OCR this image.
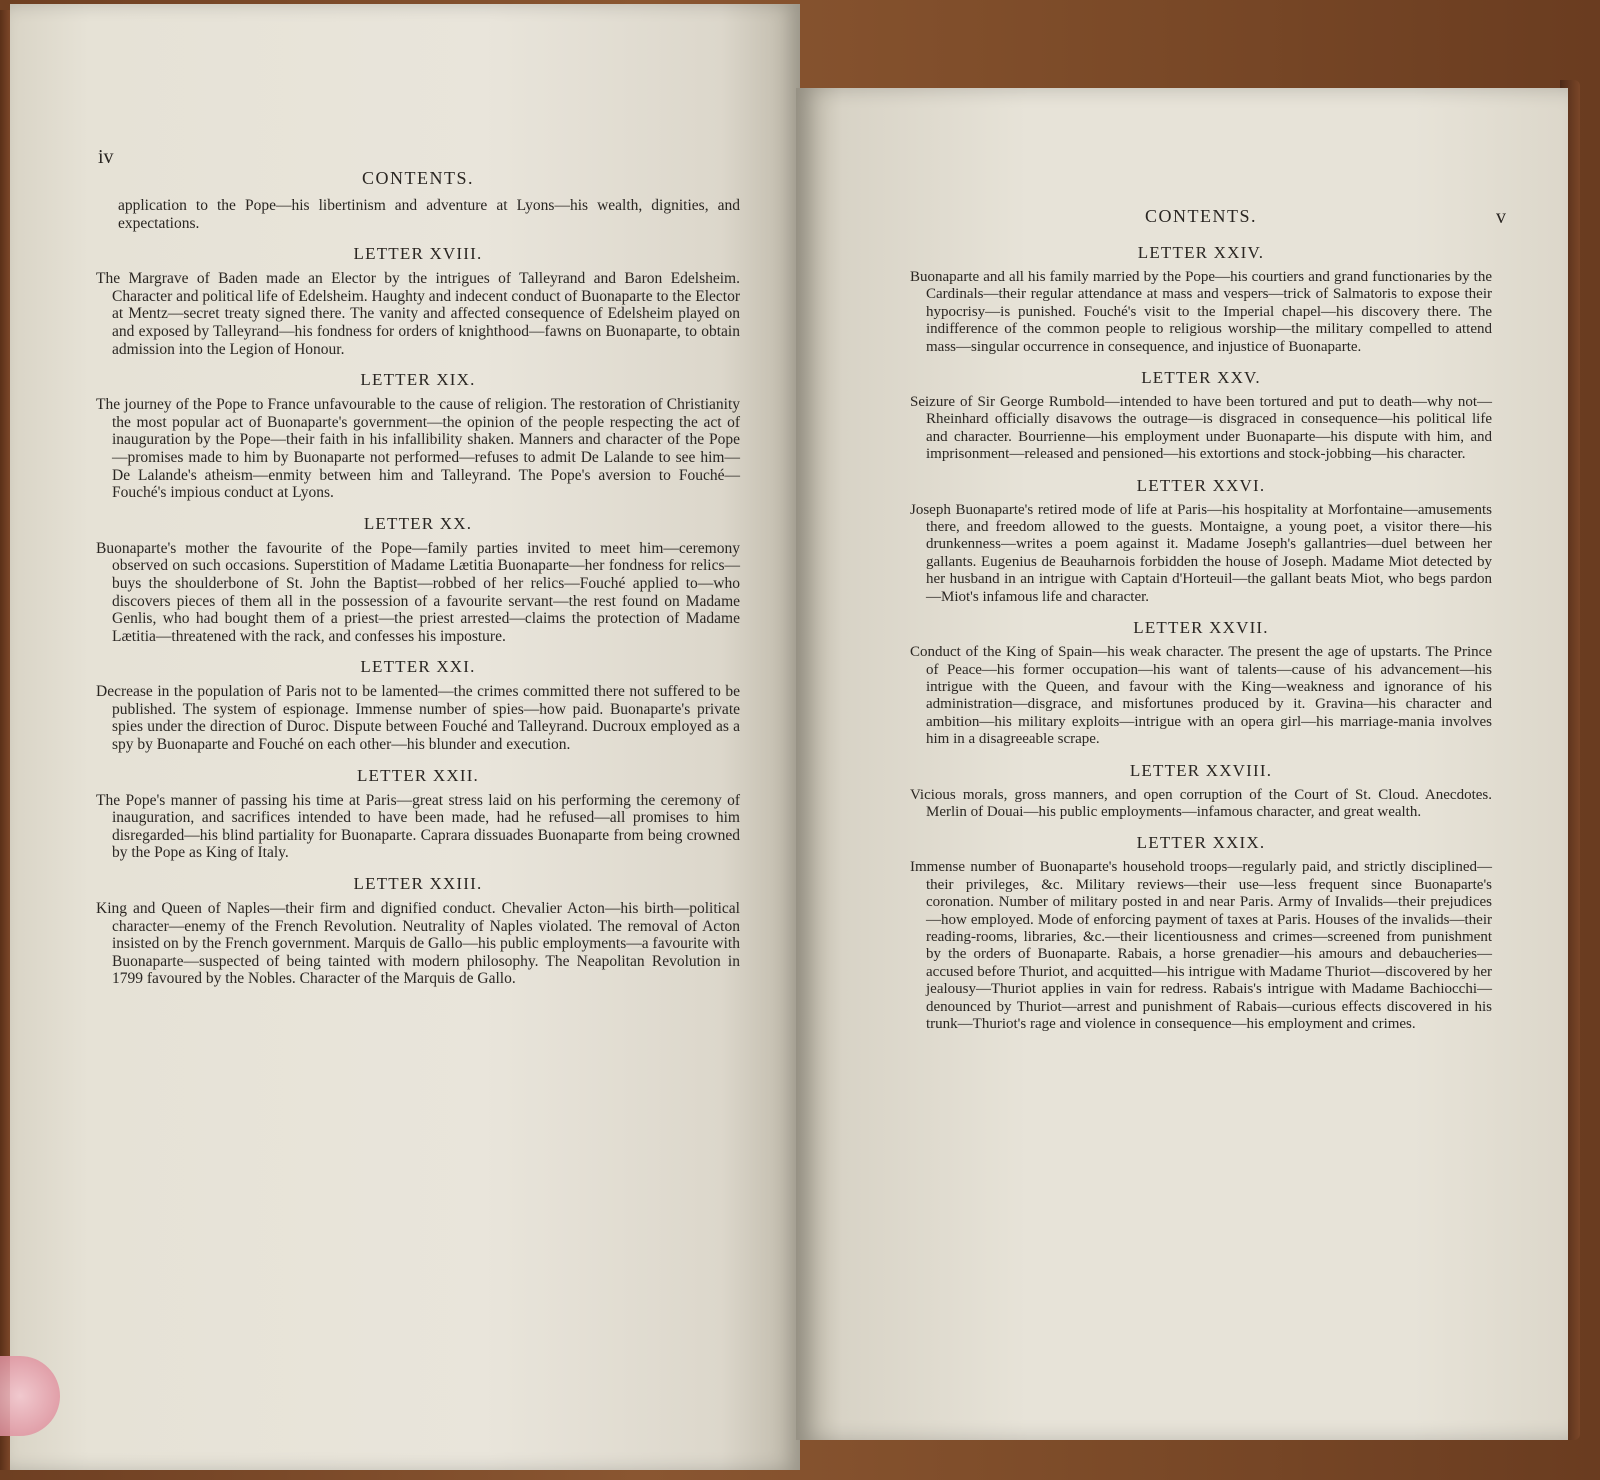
iv
CONTENTS.

application to the Pope—his libertinism and adventure at Lyons—his wealth, dignities, and expectations.

LETTER XVIII.

The Margrave of Baden made an Elector by the intrigues of Talleyrand and Baron Edelsheim. Character and political life of Edelsheim. Haughty and indecent conduct of Buonaparte to the Elector at Mentz—secret treaty signed there. The vanity and affected consequence of Edelsheim played on and exposed by Talleyrand—his fondness for orders of knighthood—fawns on Buonaparte, to obtain admission into the Legion of Honour.

LETTER XIX.

The journey of the Pope to France unfavourable to the cause of religion. The restoration of Christianity the most popular act of Buonaparte's government—the opinion of the people respecting the act of inauguration by the Pope—their faith in his infallibility shaken. Manners and character of the Pope—promises made to him by Buonaparte not performed—refuses to admit De Lalande to see him—De Lalande's atheism—enmity between him and Talleyrand. The Pope's aversion to Fouché—Fouché's impious conduct at Lyons.

LETTER XX.

Buonaparte's mother the favourite of the Pope—family parties invited to meet him—ceremony observed on such occasions. Superstition of Madame Lætitia Buonaparte—her fondness for relics—buys the shoulderbone of St. John the Baptist—robbed of her relics—Fouché applied to—who discovers pieces of them all in the possession of a favourite servant—the rest found on Madame Genlis, who had bought them of a priest—the priest arrested—claims the protection of Madame Lætitia—threatened with the rack, and confesses his imposture.

LETTER XXI.

Decrease in the population of Paris not to be lamented—the crimes committed there not suffered to be published. The system of espionage. Immense number of spies—how paid. Buonaparte's private spies under the direction of Duroc. Dispute between Fouché and Talleyrand. Ducroux employed as a spy by Buonaparte and Fouché on each other—his blunder and execution.

LETTER XXII.

The Pope's manner of passing his time at Paris—great stress laid on his performing the ceremony of inauguration, and sacrifices intended to have been made, had he refused—all promises to him disregarded—his blind partiality for Buonaparte. Caprara dissuades Buonaparte from being crowned by the Pope as King of Italy.

LETTER XXIII.

King and Queen of Naples—their firm and dignified conduct. Chevalier Acton—his birth—political character—enemy of the French Revolution. Neutrality of Naples violated. The removal of Acton insisted on by the French government. Marquis de Gallo—his public employments—a favourite with Buonaparte—suspected of being tainted with modern philosophy. The Neapolitan Revolution in 1799 favoured by the Nobles. Character of the Marquis de Gallo.

v
CONTENTS.
LETTER XXIV.

Buonaparte and all his family married by the Pope—his courtiers and grand functionaries by the Cardinals—their regular attendance at mass and vespers—trick of Salmatoris to expose their hypocrisy—is punished. Fouché's visit to the Imperial chapel—his discovery there. The indifference of the common people to religious worship—the military compelled to attend mass—singular occurrence in consequence, and injustice of Buonaparte.

LETTER XXV.

Seizure of Sir George Rumbold—intended to have been tortured and put to death—why not—Rheinhard officially disavows the outrage—is disgraced in consequence—his political life and character. Bourrienne—his employment under Buonaparte—his dispute with him, and imprisonment—released and pensioned—his extortions and stock-jobbing—his character.

LETTER XXVI.

Joseph Buonaparte's retired mode of life at Paris—his hospitality at Morfontaine—amusements there, and freedom allowed to the guests. Montaigne, a young poet, a visitor there—his drunkenness—writes a poem against it. Madame Joseph's gallantries—duel between her gallants. Eugenius de Beauharnois forbidden the house of Joseph. Madame Miot detected by her husband in an intrigue with Captain d'Horteuil—the gallant beats Miot, who begs pardon—Miot's infamous life and character.

LETTER XXVII.

Conduct of the King of Spain—his weak character. The present the age of upstarts. The Prince of Peace—his former occupation—his want of talents—cause of his advancement—his intrigue with the Queen, and favour with the King—weakness and ignorance of his administration—disgrace, and misfortunes produced by it. Gravina—his character and ambition—his military exploits—intrigue with an opera girl—his marriage-mania involves him in a disagreeable scrape.

LETTER XXVIII.

Vicious morals, gross manners, and open corruption of the Court of St. Cloud. Anecdotes. Merlin of Douai—his public employments—infamous character, and great wealth.

LETTER XXIX.

Immense number of Buonaparte's household troops—regularly paid, and strictly disciplined—their privileges, &c. Military reviews—their use—less frequent since Buonaparte's coronation. Number of military posted in and near Paris. Army of Invalids—their prejudices—how employed. Mode of enforcing payment of taxes at Paris. Houses of the invalids—their reading-rooms, libraries, &c.—their licentiousness and crimes—screened from punishment by the orders of Buonaparte. Rabais, a horse grenadier—his amours and debaucheries—accused before Thuriot, and acquitted—his intrigue with Madame Thuriot—discovered by her jealousy—Thuriot applies in vain for redress. Rabais's intrigue with Madame Bachiocchi—denounced by Thuriot—arrest and punishment of Rabais—curious effects discovered in his trunk—Thuriot's rage and violence in consequence—his employment and crimes.
